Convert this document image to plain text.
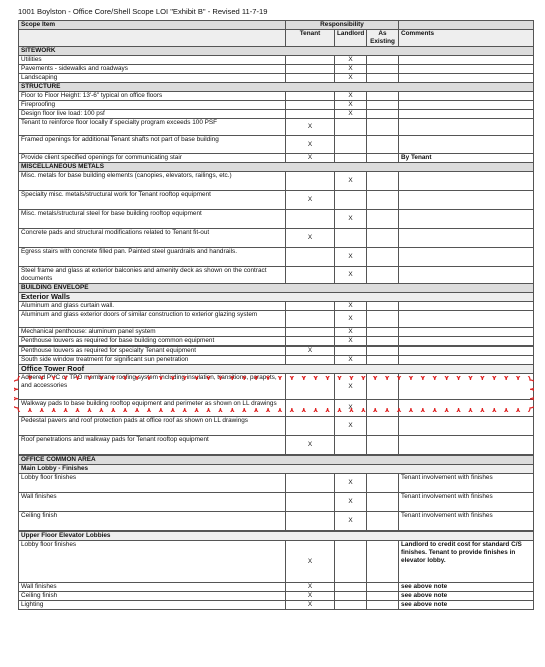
1001 Boylston - Office Core/Shell Scope LOI "Exhibit B" - Revised 11-7-19
Scope Item	Responsibility			
	Tenant	Landlord	As Existing	Comments
SITEWORK				
Utilities		X		
Pavements - sidewalks and roadways		X		
Landscaping		X		
STRUCTURE				
Floor to Floor Height: 13'-6" typical on office floors		X		
Fireproofing		X		
Design floor live load: 100 psf		X		
Tenant to reinforce floor locally if specialty program exceeds 100 PSF	X			
Framed openings for additional Tenant shafts not part of base building	X			
Provide client specified openings for communicating stair	X			By Tenant
MISCELLANEOUS METALS				
Misc. metals for base building elements (canopies, elevators, railings, etc.)		X		
Specialty misc. metals/structural work for Tenant rooftop equipment	X			
Misc. metals/structural steel for base building rooftop equipment		X		
Concrete pads and structural modifications related to Tenant fit-out	X			
Egress stairs with concrete filled pan. Painted steel guardrails and handrails.		X		
Steel frame and glass at exterior balconies and amenity deck as shown on the contract documents		X		
BUILDING ENVELOPE				
Exterior Walls				
Aluminum and glass curtain wall.		X		
Aluminum and glass exterior doors of similar construction to exterior glazing system		X		
Mechanical penthouse: aluminum panel system		X		
Penthouse louvers as required for base building common equipment		X		

Penthouse louvers as required for specialty Tenant equipment	X			
South side window treatment for significant sun penetration		X		
Office Tower Roof				
Adhered PVC or TPO membrane roofing system including insulation, transitions, parapets, and accessories		X		
Walkway pads to base building rooftop equipment and perimeter as shown on LL drawings		X		
Pedestal pavers and roof protection pads at office roof as shown on LL drawings		X		
Roof penetrations and walkway pads for Tenant rooftop equipment	X			

OFFICE COMMON AREA				
Main Lobby - Finishes				
Lobby floor finishes		X		Tenant involvement with finishes
Wall finishes		X		Tenant involvement with finishes
Ceiling finish		X		Tenant involvement with finishes

Upper Floor Elevator Lobbies				
Lobby floor finishes	X			Landlord to credit cost for standard C/S finishes. Tenant to provide finishes in elevator lobby.
Wall finishes	X			see above note
Ceiling finish	X			see above note
Lighting	X			see above note
